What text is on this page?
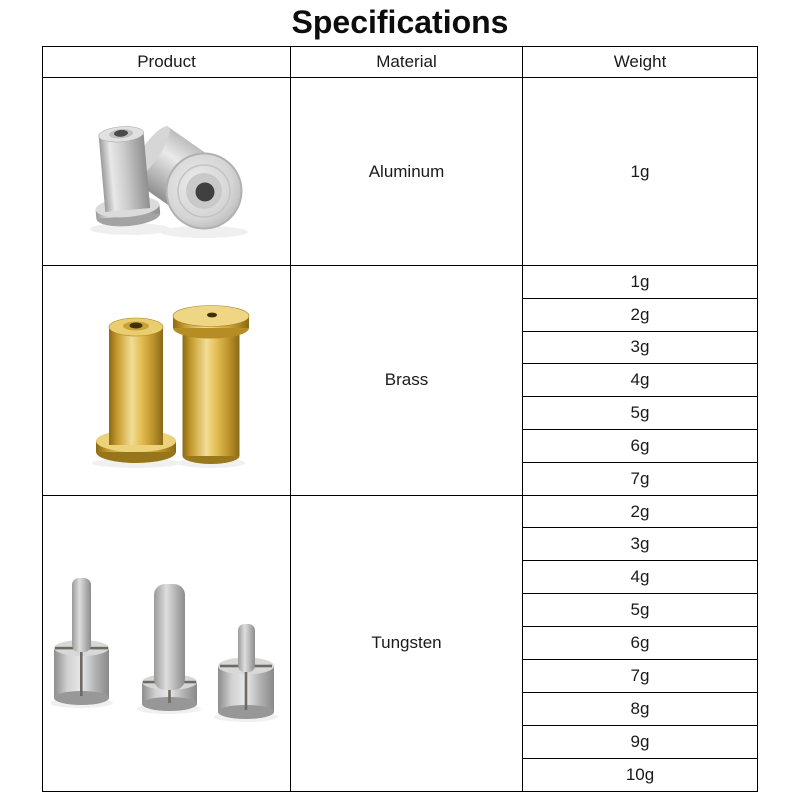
Specifications
Product	Material	Weight

	Aluminum	1g

	Brass	1g
		2g
		3g
		4g
		5g
		6g
		7g

	Tungsten	2g
		3g
		4g
		5g
		6g
		7g
		8g
		9g
		10g
